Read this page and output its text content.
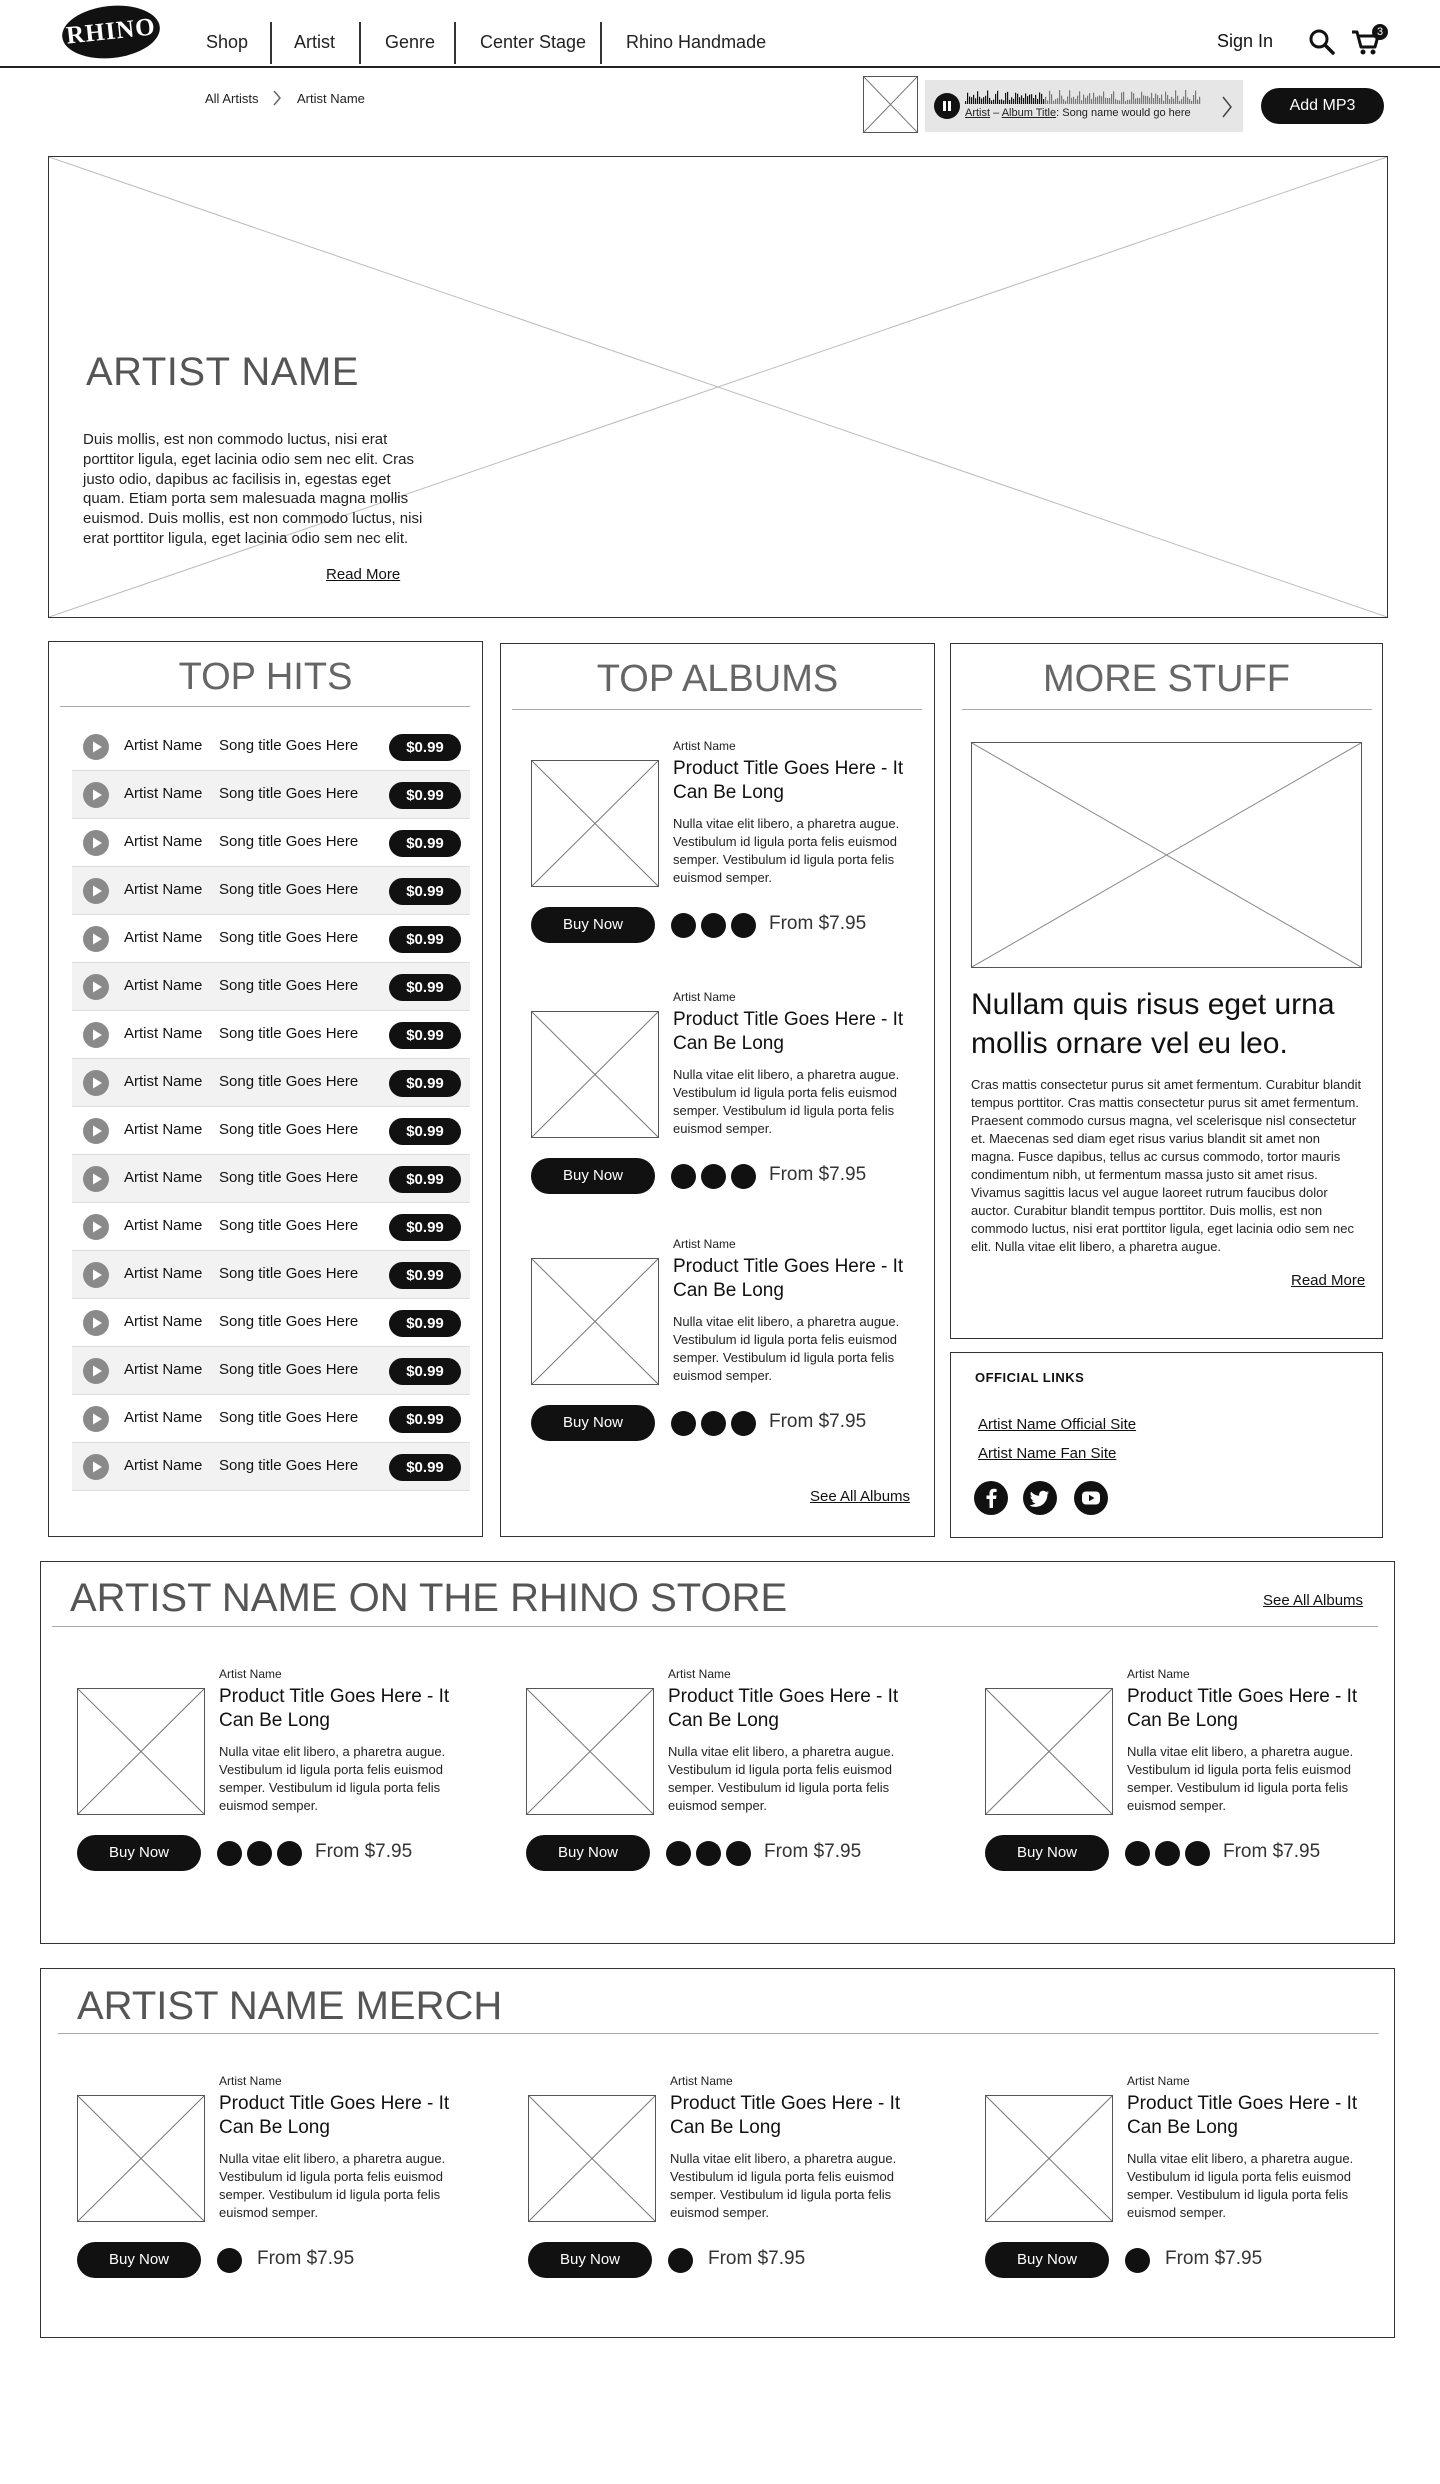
RHINO	Shop	Artist	Genre Center Stage Rhino Handmade	Sign In	3
All Artists	Artist Name
Artist – Album Title: Song name would go here	Add MP3
ARTIST NAME
Duis mollis, est non commodo luctus, nisi erat porttitor ligula, eget lacinia odio sem nec elit. Cras justo odio, dapibus ac facilisis in, egestas eget quam. Etiam porta sem malesuada magna mollis euismod. Duis mollis, est non commodo luctus, nisi erat porttitor ligula, eget lacinia odio sem nec elit.
Read More
TOP HITS
Artist Name Song title Goes Here	$0.99
Artist Name Song title Goes Here	$0.99
Artist Name Song title Goes Here	$0.99
Artist Name Song title Goes Here	$0.99
Artist Name Song title Goes Here	$0.99
Artist Name Song title Goes Here	$0.99
Artist Name Song title Goes Here	$0.99
Artist Name Song title Goes Here	$0.99
Artist Name Song title Goes Here	$0.99
Artist Name Song title Goes Here	$0.99
Artist Name Song title Goes Here	$0.99
Artist Name Song title Goes Here	$0.99
Artist Name Song title Goes Here	$0.99
Artist Name Song title Goes Here	$0.99
Artist Name Song title Goes Here	$0.99
Artist Name Song title Goes Here	$0.99
TOP ALBUMS
Artist Name
Product Title Goes Here - It Can Be Long
Nulla vitae elit libero, a pharetra augue. Vestibulum id ligula porta felis euismod semper. Vestibulum id ligula porta felis euismod semper.
Buy Now	From $7.95
Artist Name
Product Title Goes Here - It Can Be Long
Nulla vitae elit libero, a pharetra augue. Vestibulum id ligula porta felis euismod semper. Vestibulum id ligula porta felis euismod semper.
Buy Now	From $7.95
Artist Name
Product Title Goes Here - It Can Be Long
Nulla vitae elit libero, a pharetra augue. Vestibulum id ligula porta felis euismod semper. Vestibulum id ligula porta felis euismod semper.
Buy Now	From $7.95
See All Albums
MORE STUFF
Nullam quis risus eget urna mollis ornare vel eu leo.
Cras mattis consectetur purus sit amet fermentum. Curabitur blandit tempus porttitor. Cras mattis consectetur purus sit amet fermentum. Praesent commodo cursus magna, vel scelerisque nisl consectetur et. Maecenas sed diam eget risus varius blandit sit amet non magna. Fusce dapibus, tellus ac cursus commodo, tortor mauris condimentum nibh, ut fermentum massa justo sit amet risus. Vivamus sagittis lacus vel augue laoreet rutrum faucibus dolor auctor. Curabitur blandit tempus porttitor. Duis mollis, est non commodo luctus, nisi erat porttitor ligula, eget lacinia odio sem nec elit. Nulla vitae elit libero, a pharetra augue.
Read More
OFFICIAL LINKS
Artist Name Official Site
Artist Name Fan Site
ARTIST NAME ON THE RHINO STORE	See All Albums
Artist Name
Product Title Goes Here - It Can Be Long
Nulla vitae elit libero, a pharetra augue. Vestibulum id ligula porta felis euismod semper. Vestibulum id ligula porta felis euismod semper.
Buy Now	From $7.95
Artist Name
Product Title Goes Here - It Can Be Long
Nulla vitae elit libero, a pharetra augue. Vestibulum id ligula porta felis euismod semper. Vestibulum id ligula porta felis euismod semper.
Buy Now	From $7.95
Artist Name
Product Title Goes Here - It Can Be Long
Nulla vitae elit libero, a pharetra augue. Vestibulum id ligula porta felis euismod semper. Vestibulum id ligula porta felis euismod semper.
Buy Now	From $7.95
ARTIST NAME MERCH
Artist Name
Product Title Goes Here - It Can Be Long
Nulla vitae elit libero, a pharetra augue. Vestibulum id ligula porta felis euismod semper. Vestibulum id ligula porta felis euismod semper.
Buy Now	From $7.95
Artist Name
Product Title Goes Here - It Can Be Long
Nulla vitae elit libero, a pharetra augue. Vestibulum id ligula porta felis euismod semper. Vestibulum id ligula porta felis euismod semper.
Buy Now	From $7.95
Artist Name
Product Title Goes Here - It Can Be Long
Nulla vitae elit libero, a pharetra augue. Vestibulum id ligula porta felis euismod semper. Vestibulum id ligula porta felis euismod semper.
Buy Now	From $7.95
